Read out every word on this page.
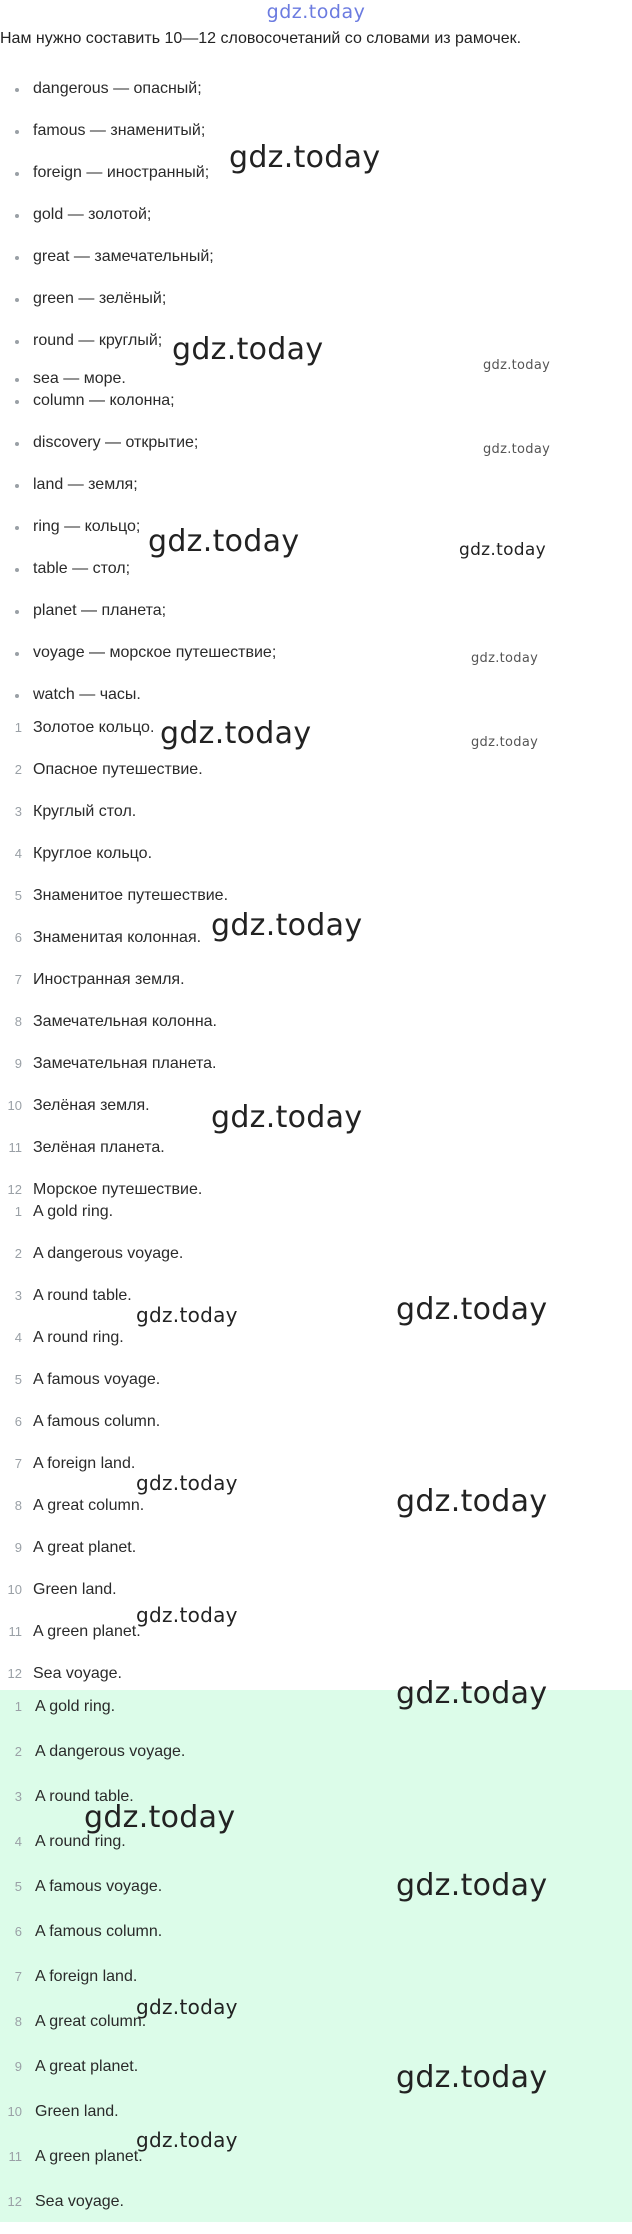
gdz.today
Нам нужно составить 10—12 словосочетаний со словами из рамочек.
dangerous — опасный;
famous — знаменитый;
foreign — иностранный;
gold — золотой;
great — замечательный;
green — зелёный;
round — круглый;
sea — море.
column — колонна;
discovery — открытие;
land — земля;
ring — кольцо;
table — стол;
planet — планета;
voyage — морское путешествие;
watch — часы.
1 Золотое кольцо.
2 Опасное путешествие.
3 Круглый стол.
4 Круглое кольцо.
5 Знаменитое путешествие.
6 Знаменитая колонная.
7 Иностранная земля.
8 Замечательная колонна.
9 Замечательная планета.
10 Зелёная земля.
11 Зелёная планета.
12 Морское путешествие.
1 A gold ring.
2 A dangerous voyage.
3 A round table.
4 A round ring.
5 A famous voyage.
6 A famous column.
7 A foreign land.
8 A great column.
9 A great planet.
10 Green land.
11 A green planet.
12 Sea voyage.
1 A gold ring.
2 A dangerous voyage.
3 A round table.
4 A round ring.
5 A famous voyage.
6 A famous column.
7 A foreign land.
8 A great column.
9 A great planet.
10 Green land.
11 A green planet.
12 Sea voyage.
gdz.today
gdz.today	gdz.today
gdz.today
gdz.today	gdz.today
gdz.today
gdz.today	gdz.today
gdz.today
gdz.today
gdz.today	gdz.today
gdz.today
gdz.today
gdz.today
gdz.today
gdz.today
gdz.today
gdz.today
gdz.today
gdz.today
